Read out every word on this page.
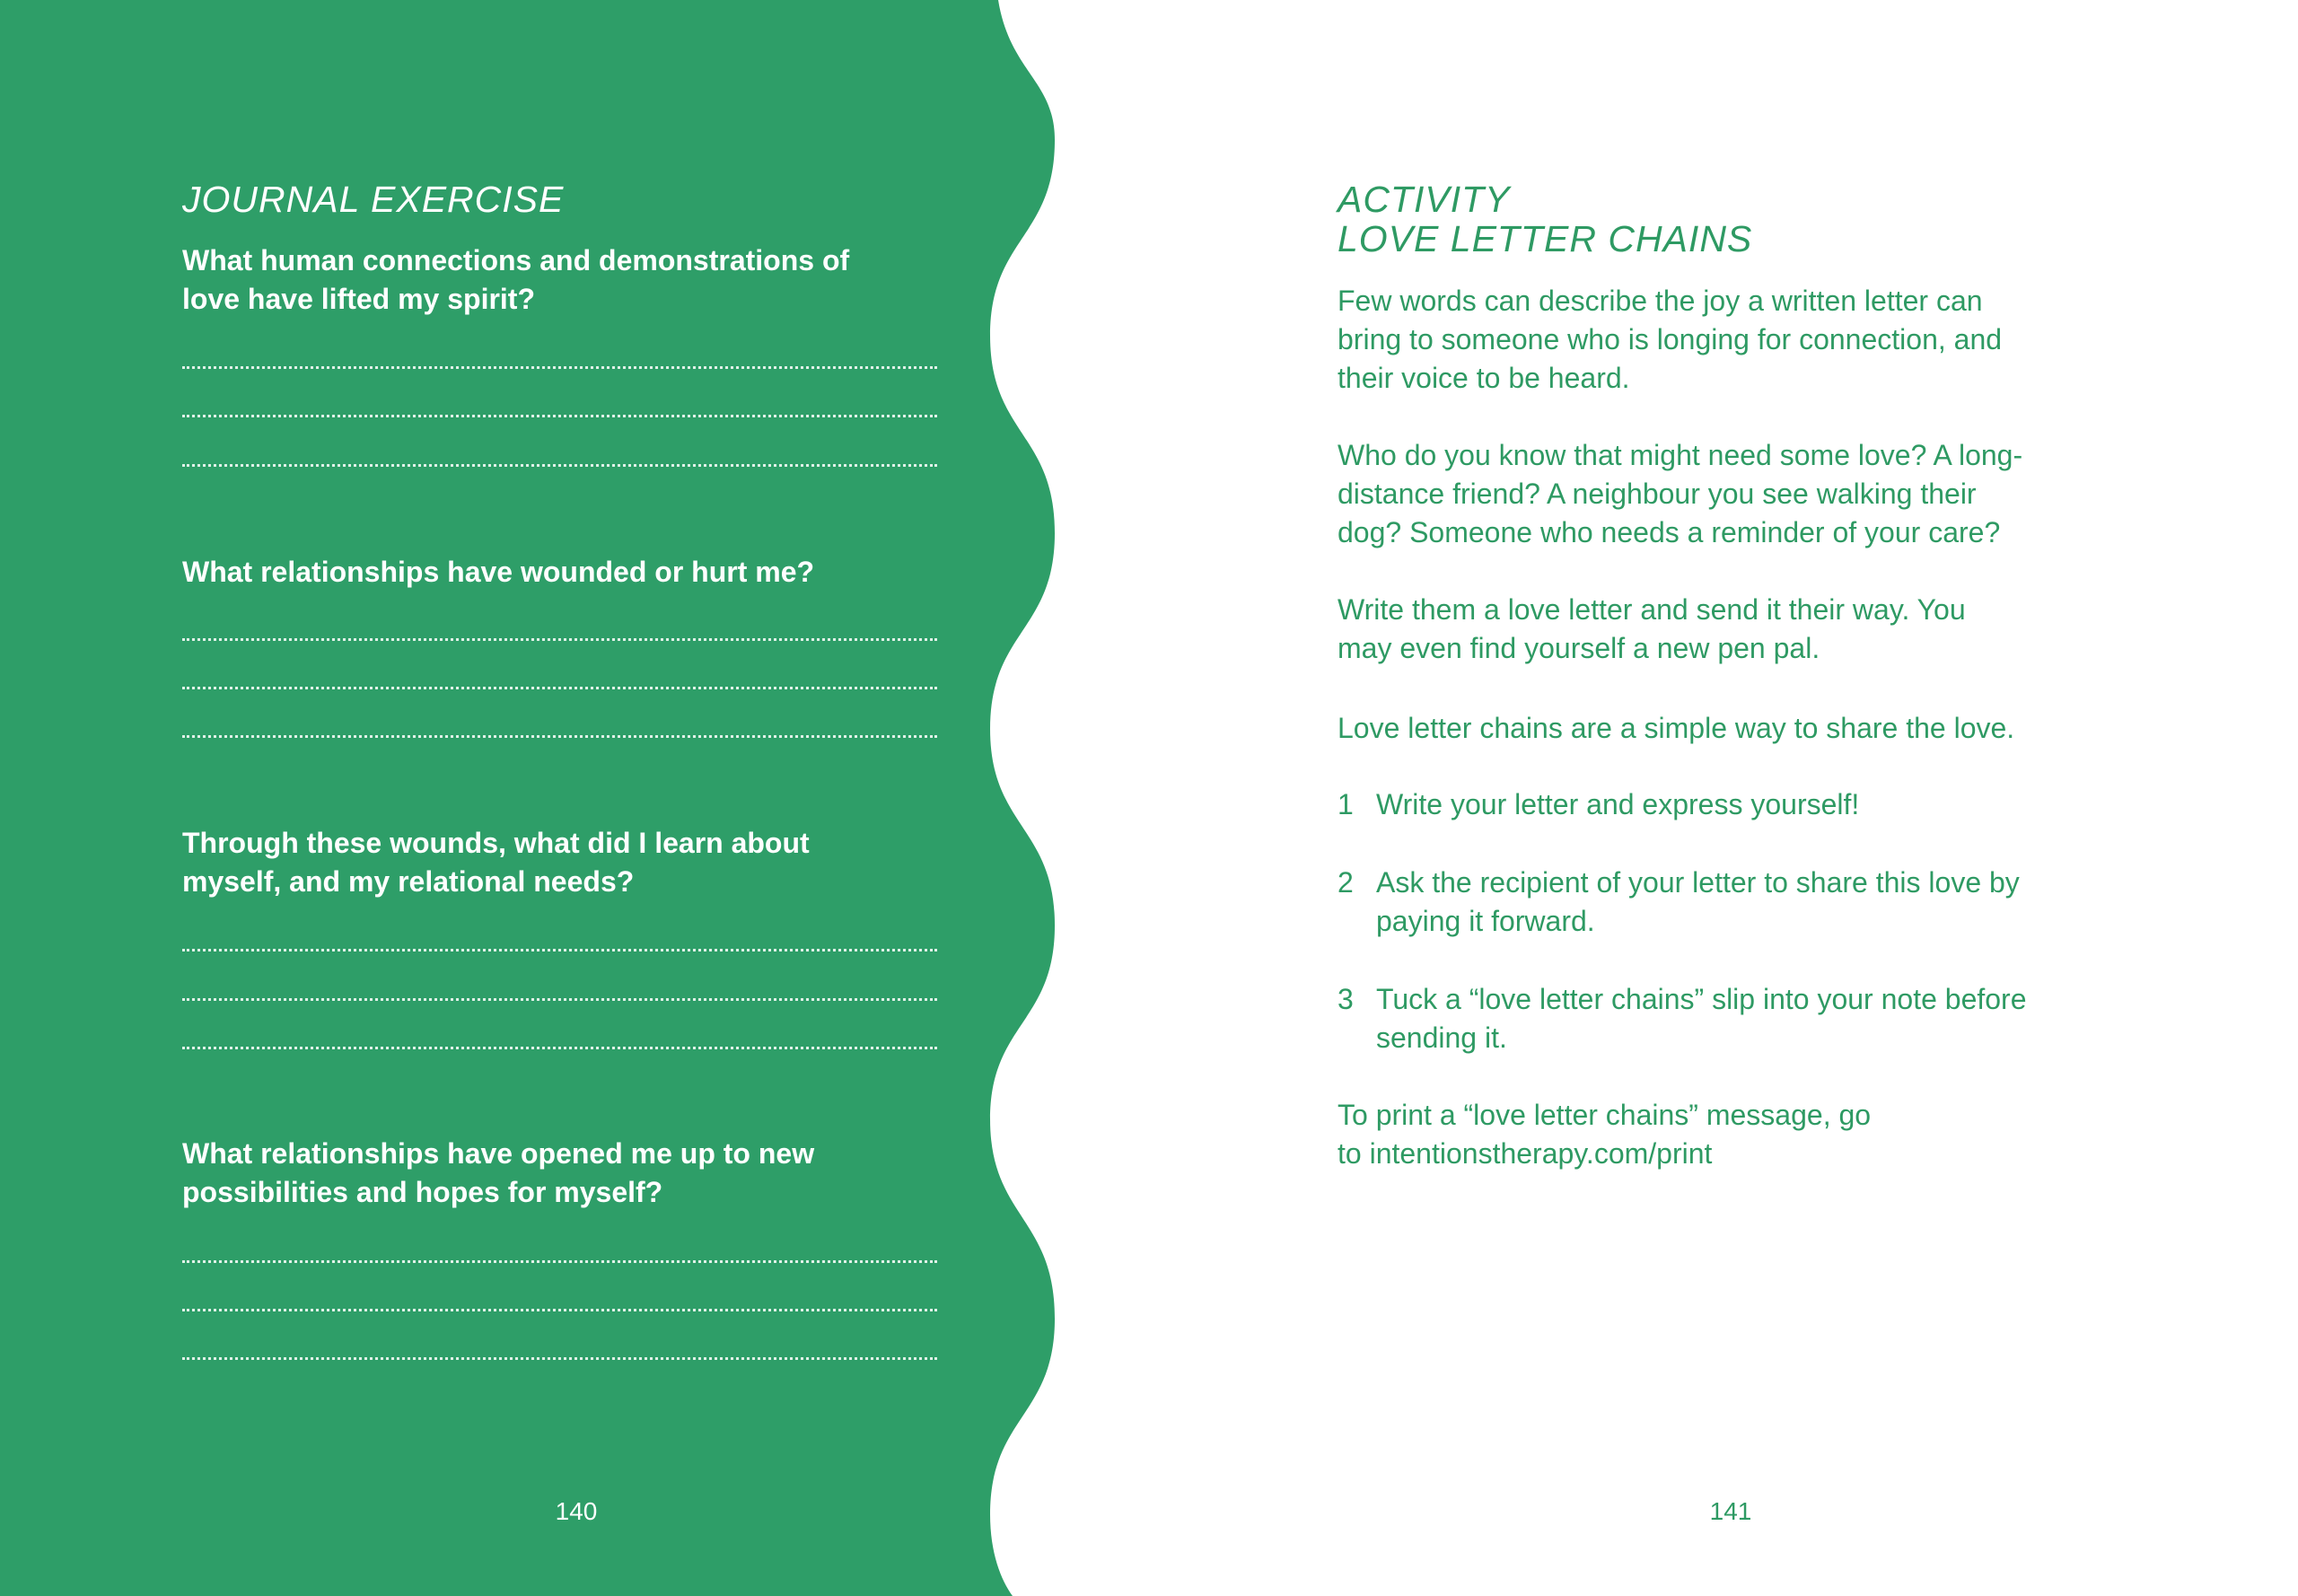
JOURNAL EXERCISE
What human connections and demonstrations of
love have lifted my spirit?
What relationships have wounded or hurt me?
Through these wounds, what did I learn about
myself, and my relational needs?
What relationships have opened me up to new
possibilities and hopes for myself?
140
ACTIVITY
LOVE LETTER CHAINS
Few words can describe the joy a written letter can
bring to someone who is longing for connection, and
their voice to be heard.
Who do you know that might need some love? A long-
distance friend? A neighbour you see walking their
dog? Someone who needs a reminder of your care?
Write them a love letter and send it their way. You
may even find yourself a new pen pal.
Love letter chains are a simple way to share the love.
1 Write your letter and express yourself!
2 Ask the recipient of your letter to share this love by
paying it forward.
3 Tuck a “love letter chains” slip into your note before
sending it.
To print a “love letter chains” message, go
to intentionstherapy.com/print
141
